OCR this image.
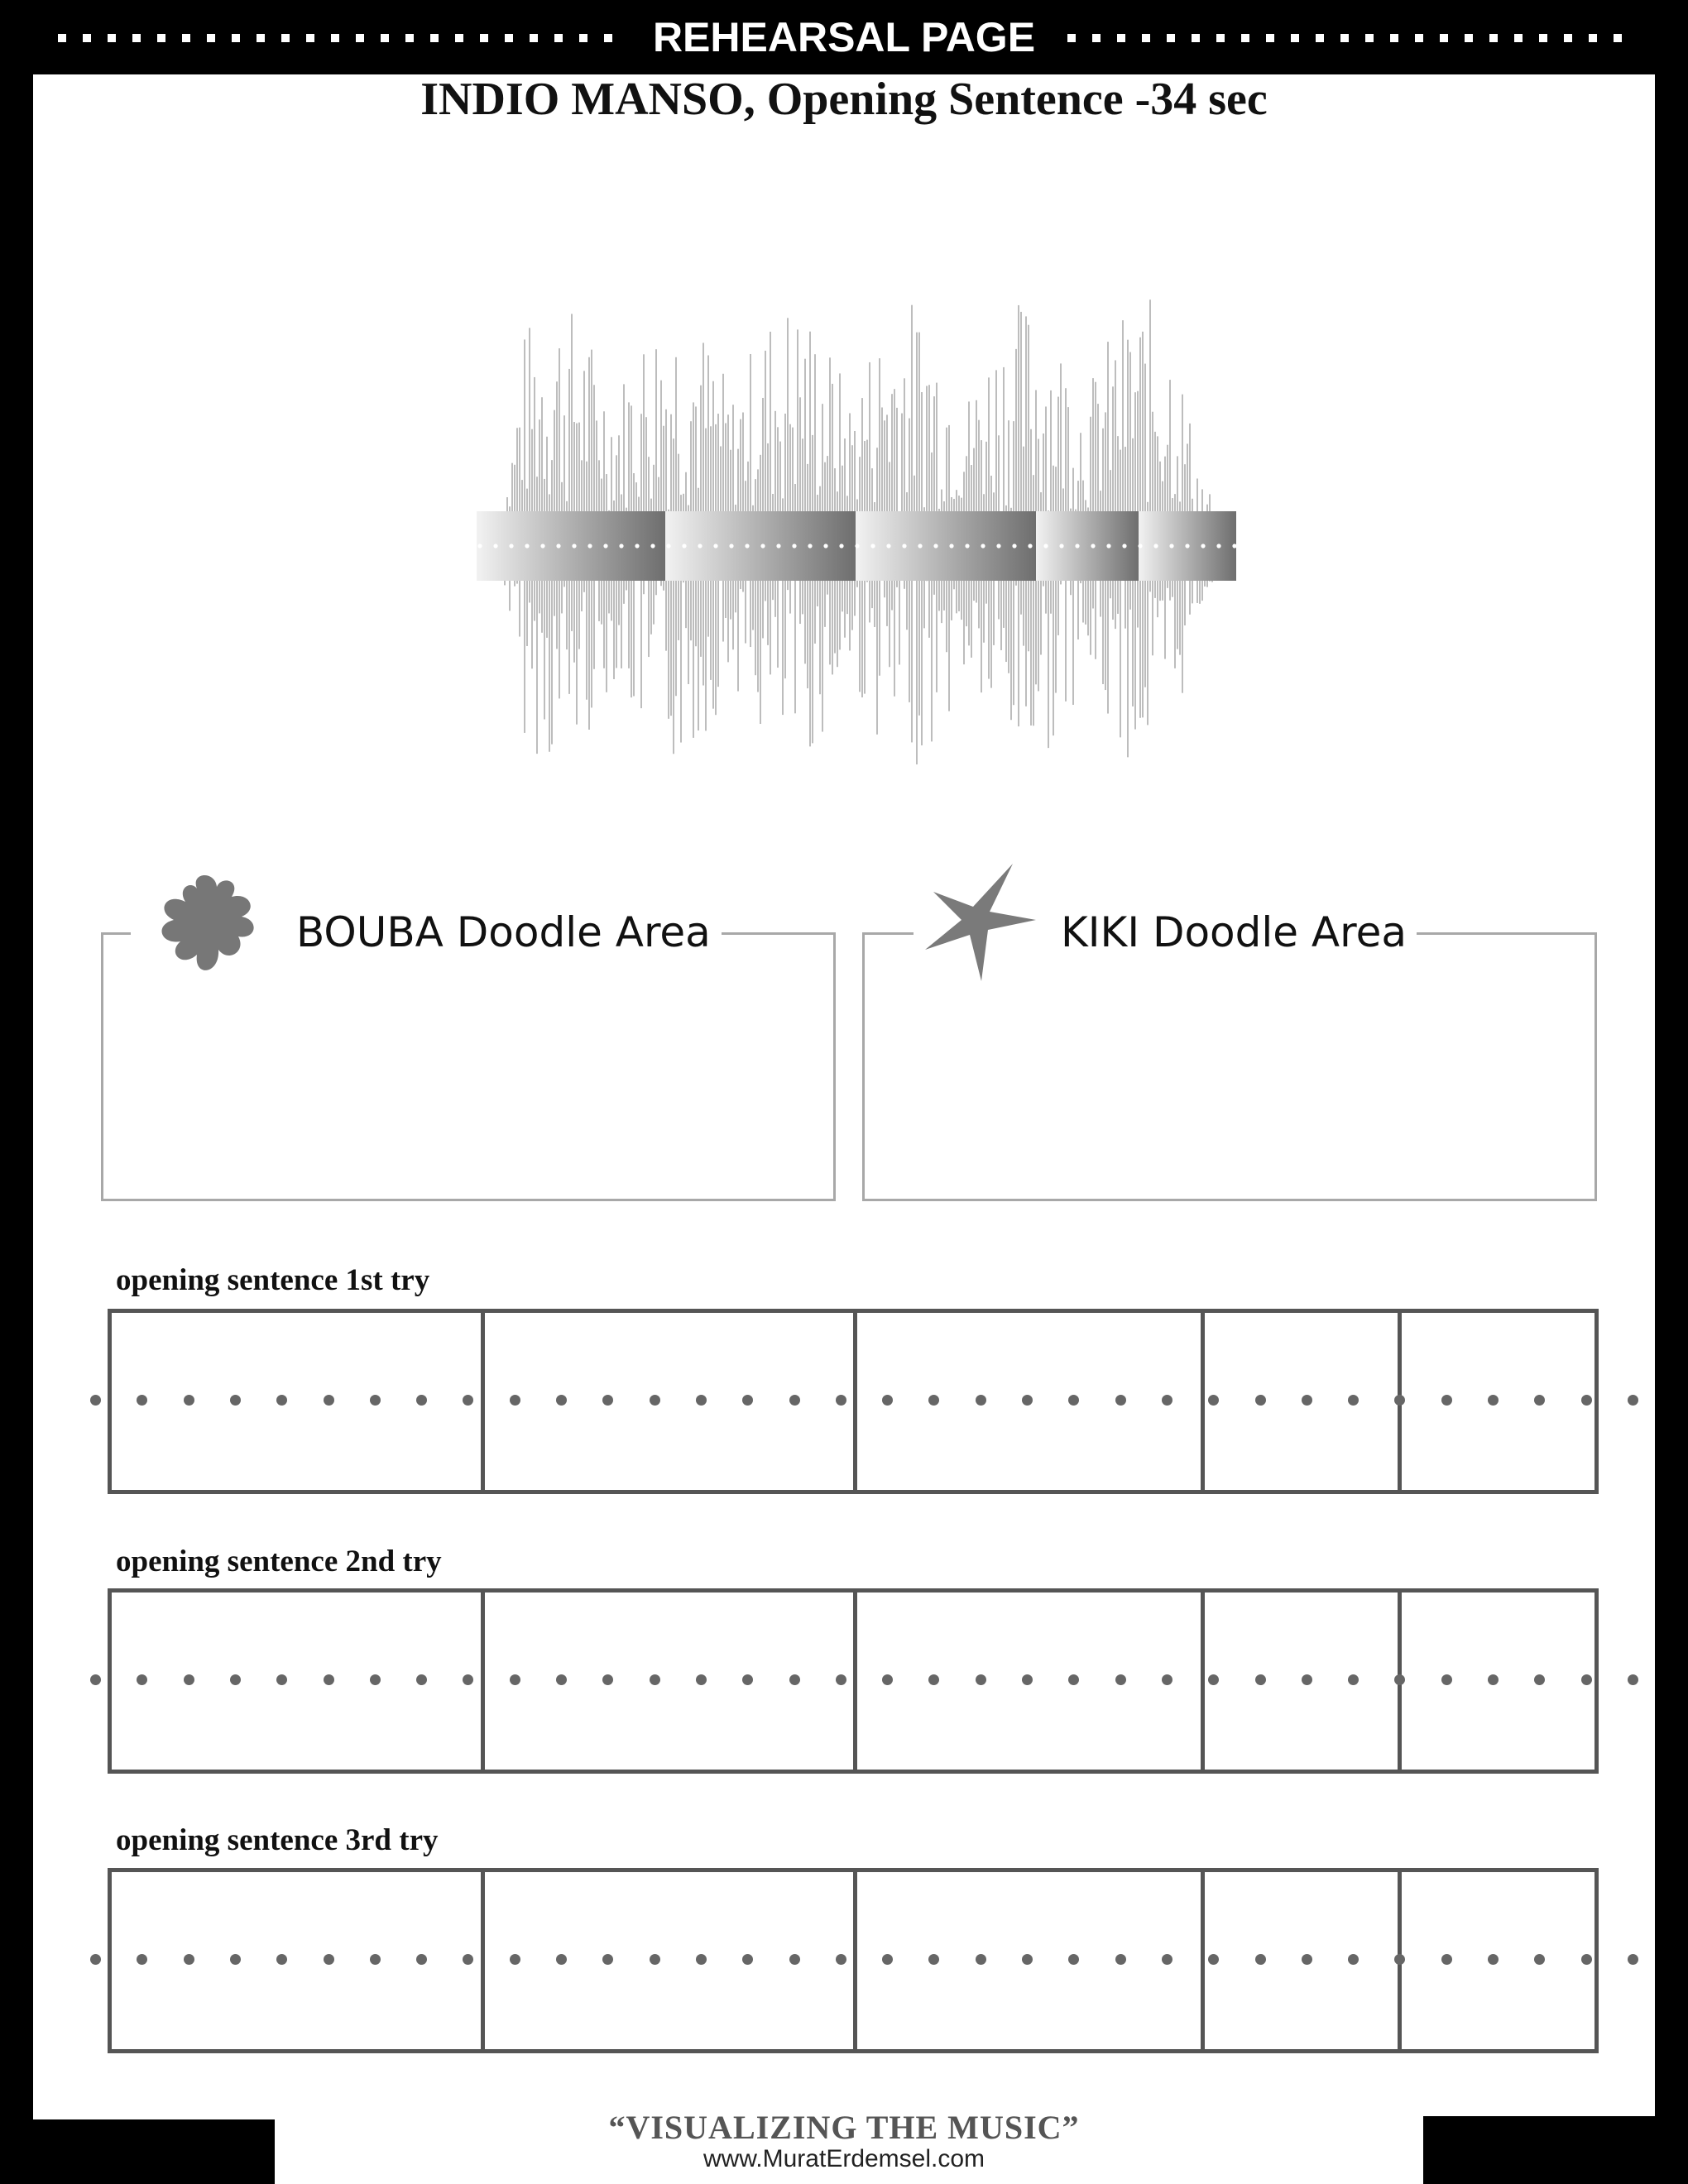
REHEARSAL PAGE
INDIO MANSO, Opening Sentence -34 sec
BOUBA Doodle Area	KIKI Doodle Area
opening sentence 1st try
opening sentence 2nd try
opening sentence 3rd try
“VISUALIZING THE MUSIC”
www.MuratErdemsel.com
